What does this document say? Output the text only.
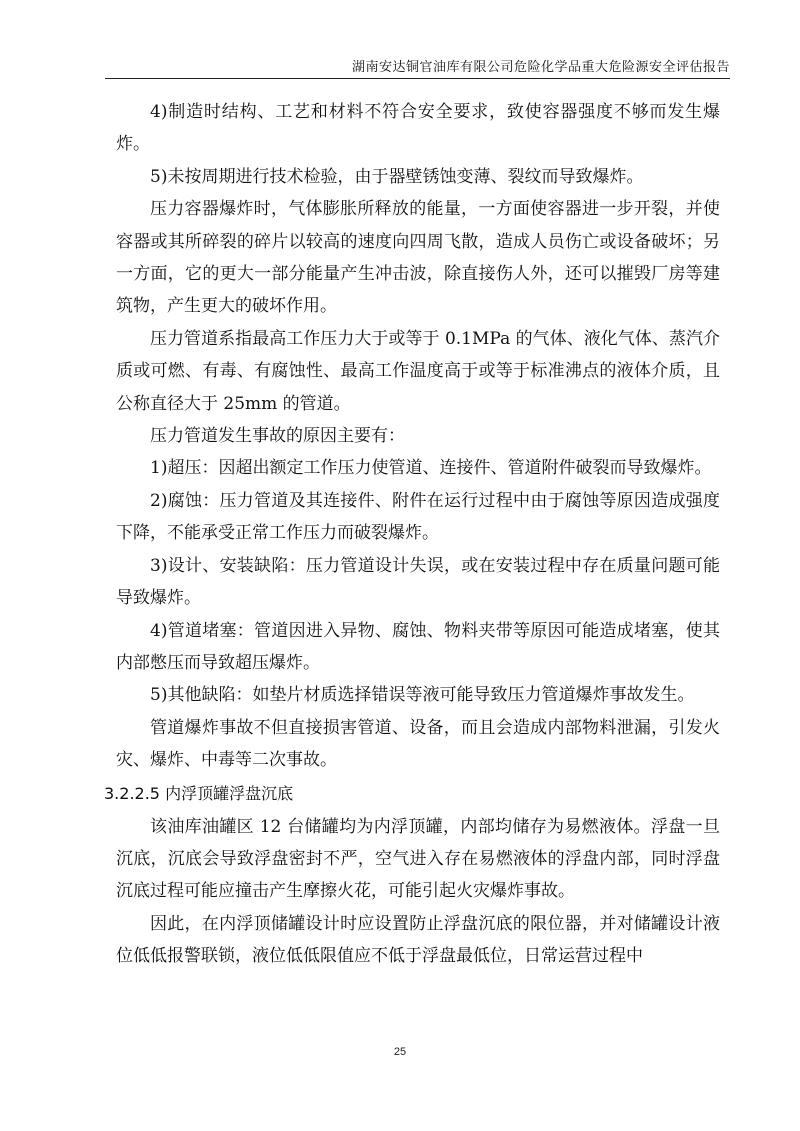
湖南安达铜官油库有限公司危险化学品重大危险源安全评估报告

4)制造时结构、工艺和材料不符合安全要求，致使容器强度不够而发生爆炸。

5)未按周期进行技术检验，由于器壁锈蚀变薄、裂纹而导致爆炸。

压力容器爆炸时，气体膨胀所释放的能量，一方面使容器进一步开裂，并使容器或其所碎裂的碎片以较高的速度向四周飞散，造成人员伤亡或设备破坏；另一方面，它的更大一部分能量产生冲击波，除直接伤人外，还可以摧毁厂房等建筑物，产生更大的破坏作用。

压力管道系指最高工作压力大于或等于 0.1MPa 的气体、液化气体、蒸汽介质或可燃、有毒、有腐蚀性、最高工作温度高于或等于标准沸点的液体介质，且公称直径大于 25mm 的管道。

压力管道发生事故的原因主要有：

1)超压：因超出额定工作压力使管道、连接件、管道附件破裂而导致爆炸。

2)腐蚀：压力管道及其连接件、附件在运行过程中由于腐蚀等原因造成强度下降，不能承受正常工作压力而破裂爆炸。

3)设计、安装缺陷：压力管道设计失误，或在安装过程中存在质量问题可能导致爆炸。

4)管道堵塞：管道因进入异物、腐蚀、物料夹带等原因可能造成堵塞，使其内部憋压而导致超压爆炸。

5)其他缺陷：如垫片材质选择错误等液可能导致压力管道爆炸事故发生。

管道爆炸事故不但直接损害管道、设备，而且会造成内部物料泄漏，引发火灾、爆炸、中毒等二次事故。

3.2.2.5 内浮顶罐浮盘沉底

该油库油罐区 12 台储罐均为内浮顶罐，内部均储存为易燃液体。浮盘一旦沉底，沉底会导致浮盘密封不严，空气进入存在易燃液体的浮盘内部，同时浮盘沉底过程可能应撞击产生摩擦火花，可能引起火灾爆炸事故。

因此，在内浮顶储罐设计时应设置防止浮盘沉底的限位器，并对储罐设计液位低低报警联锁，液位低低限值应不低于浮盘最低位，日常运营过程中

25
